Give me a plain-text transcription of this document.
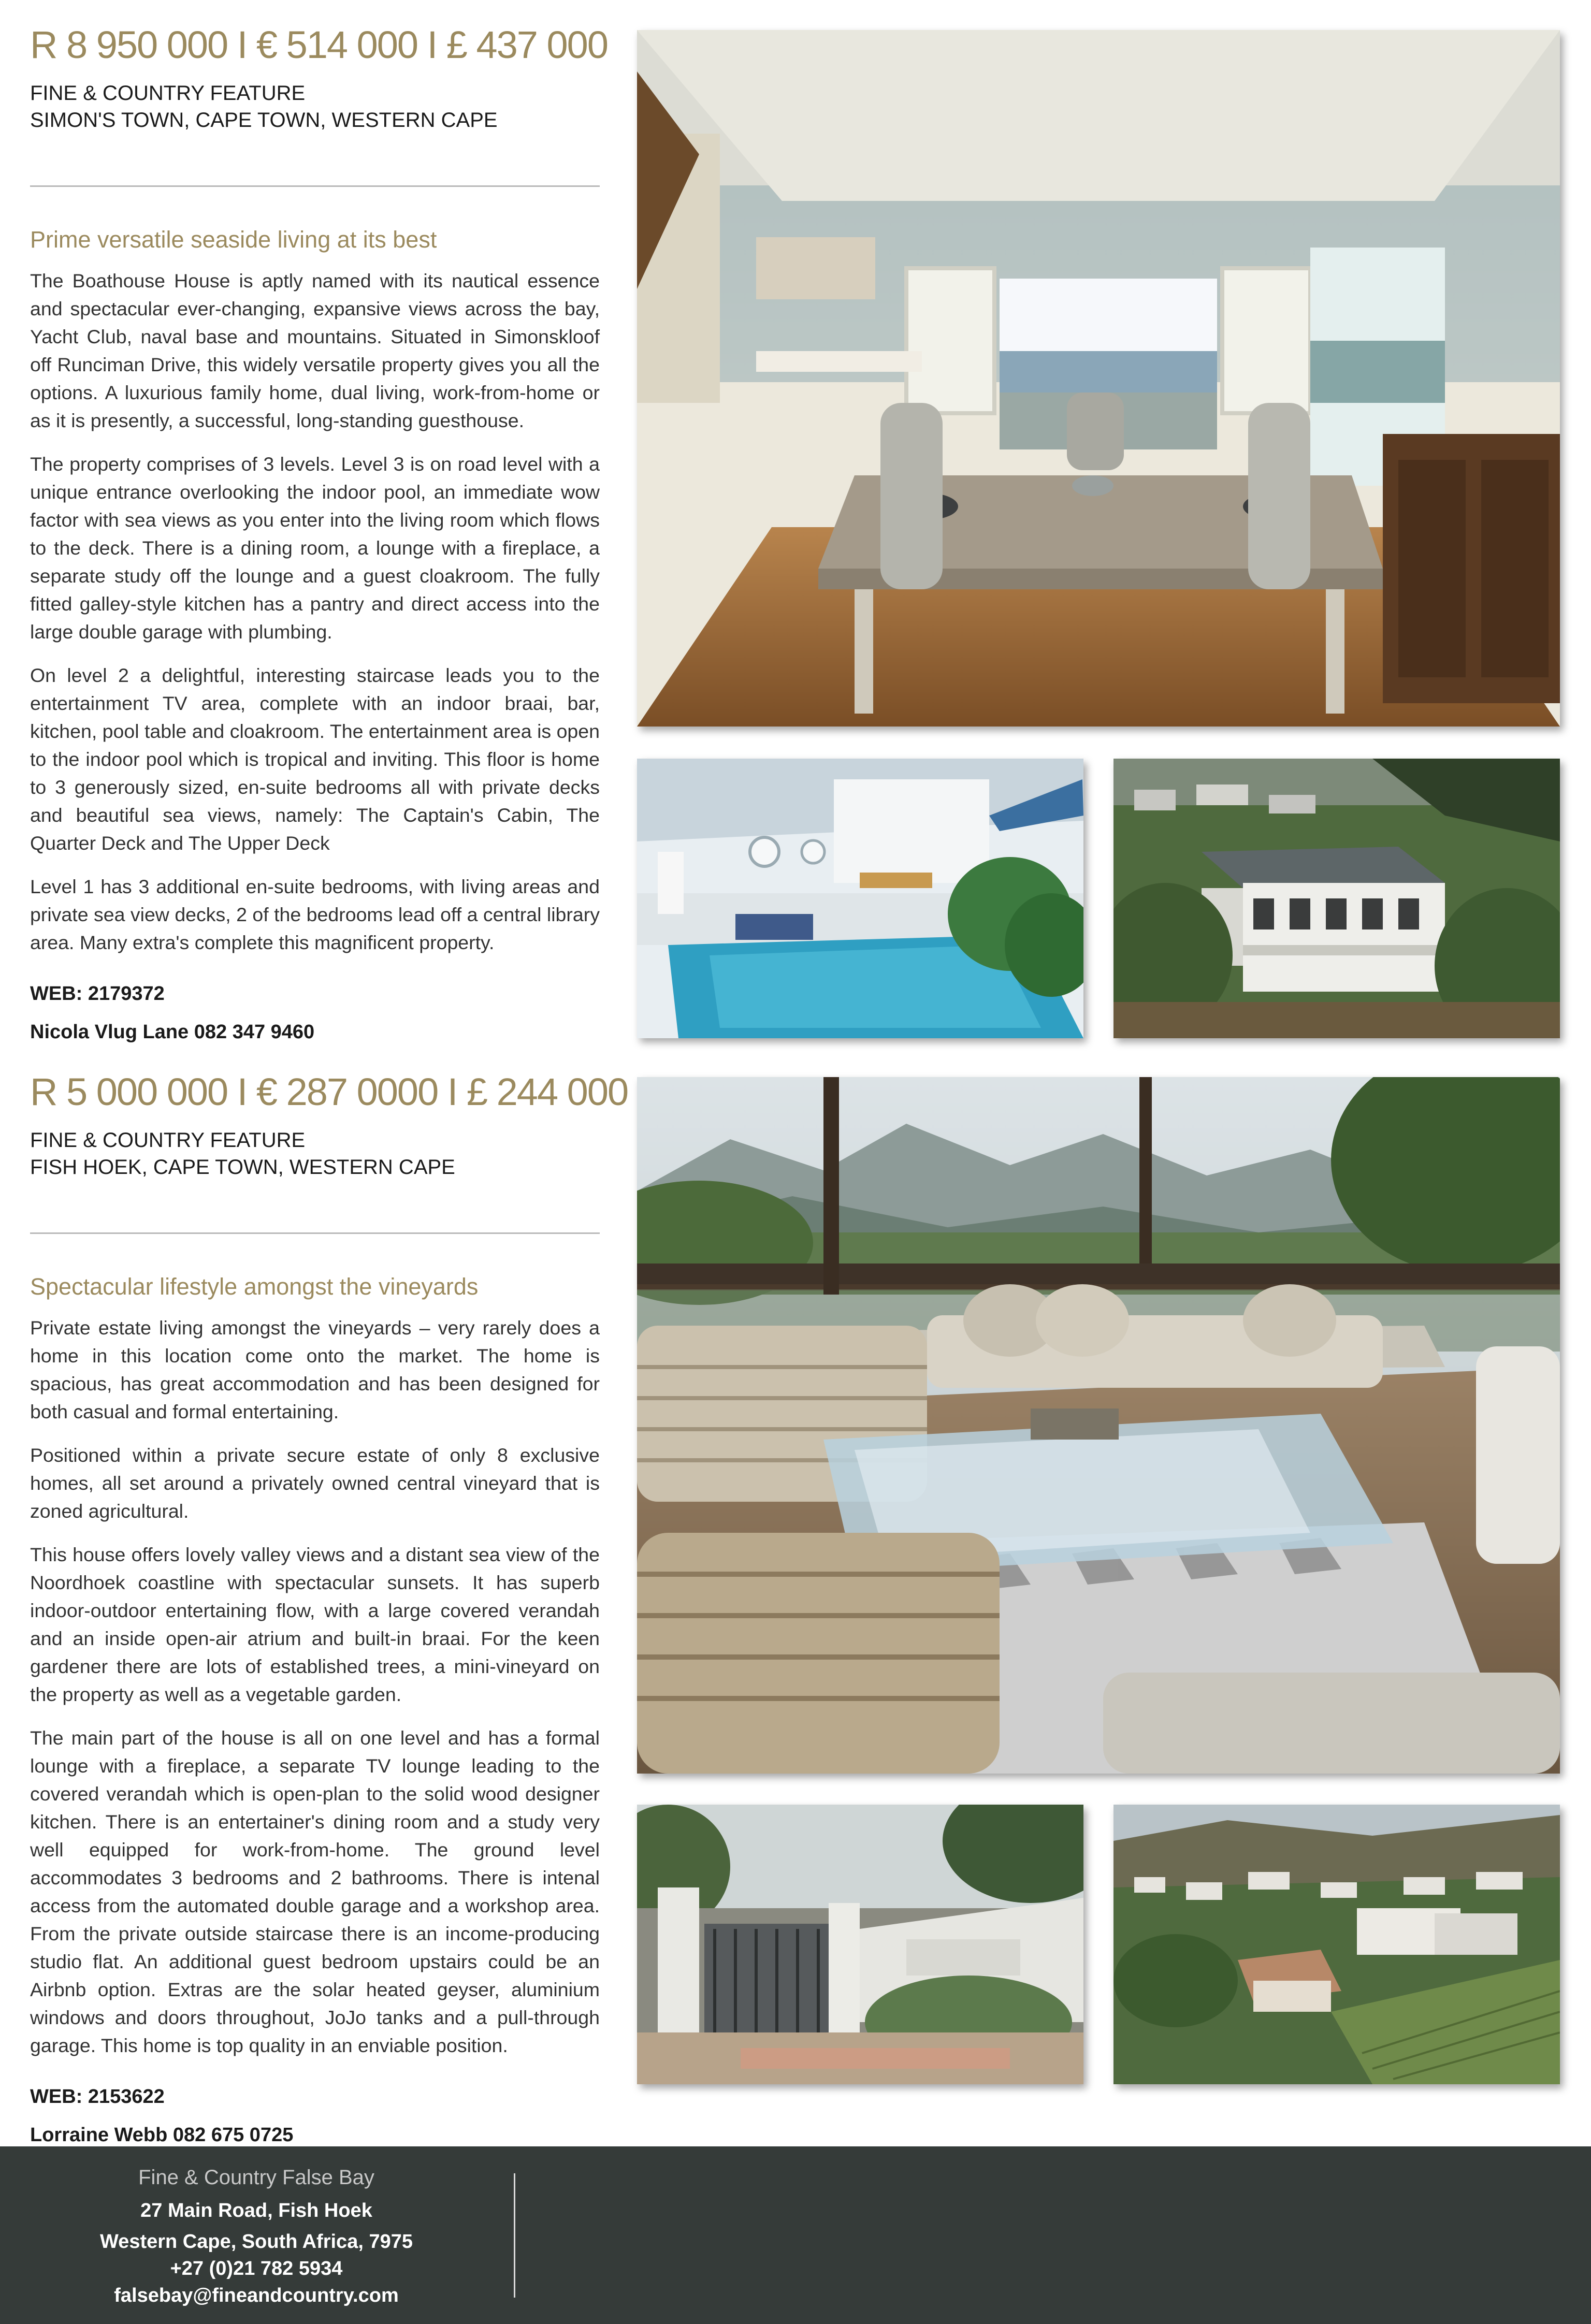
R 8 950 000 I € 514 000 I £ 437 000
FINE & COUNTRY FEATURE
SIMON'S TOWN, CAPE TOWN, WESTERN CAPE
Prime versatile seaside living at its best

The Boathouse House is aptly named with its nautical essence and spectacular ever-changing, expansive views across the bay, Yacht Club, naval base and mountains. Situated in Simonskloof off Runciman Drive, this widely versatile property gives you all the options. A luxurious family home, dual living, work-from-home or as it is presently, a successful, long-standing guesthouse.

The property comprises of 3 levels. Level 3 is on road level with a unique entrance overlooking the indoor pool, an immediate wow factor with sea views as you enter into the living room which flows to the deck. There is a dining room, a lounge with a fireplace, a separate study off the lounge and a guest cloakroom. The fully fitted galley-style kitchen has a pantry and direct access into the large double garage with plumbing.

On level 2 a delightful, interesting staircase leads you to the entertainment TV area, complete with an indoor braai, bar, kitchen, pool table and cloakroom. The entertainment area is open to the indoor pool which is tropical and inviting. This floor is home to 3 generously sized, en-suite bedrooms all with private decks and beautiful sea views, namely: The Captain's Cabin, The Quarter Deck and The Upper Deck

Level 1 has 3 additional en-suite bedrooms, with living areas and private sea view decks, 2 of the bedrooms lead off a central library area. Many extra's complete this magnificent property.

WEB: 2179372
Nicola Vlug Lane 082 347 9460
R 5 000 000 I € 287 0000 I £ 244 000
FINE & COUNTRY FEATURE
FISH HOEK, CAPE TOWN, WESTERN CAPE
Spectacular lifestyle amongst the vineyards

Private estate living amongst the vineyards – very rarely does a home in this location come onto the market. The home is spacious, has great accommodation and has been designed for both casual and formal entertaining.

Positioned within a private secure estate of only 8 exclusive homes, all set around a privately owned central vineyard that is zoned agricultural.

This house offers lovely valley views and a distant sea view of the Noordhoek coastline with spectacular sunsets. It has superb indoor-outdoor entertaining flow, with a large covered verandah and an inside open-air atrium and built-in braai. For the keen gardener there are lots of established trees, a mini-vineyard on the property as well as a vegetable garden.

The main part of the house is all on one level and has a formal lounge with a fireplace, a separate TV lounge leading to the covered verandah which is open-plan to the solid wood designer kitchen. There is an entertainer's dining room and a study very well equipped for work-from-home. The ground level accommodates 3 bedrooms and 2 bathrooms. There is intenal access from the automated double garage and a workshop area. From the private outside staircase there is an income-producing studio flat. An additional guest bedroom upstairs could be an Airbnb option. Extras are the solar heated geyser, aluminium windows and doors throughout, JoJo tanks and a pull-through garage. This home is top quality in an enviable position.

WEB: 2153622
Lorraine Webb 082 675 0725
Fine & Country False Bay
27 Main Road, Fish Hoek
Western Cape, South Africa, 7975
+27 (0)21 782 5934
falsebay@fineandcountry.com
